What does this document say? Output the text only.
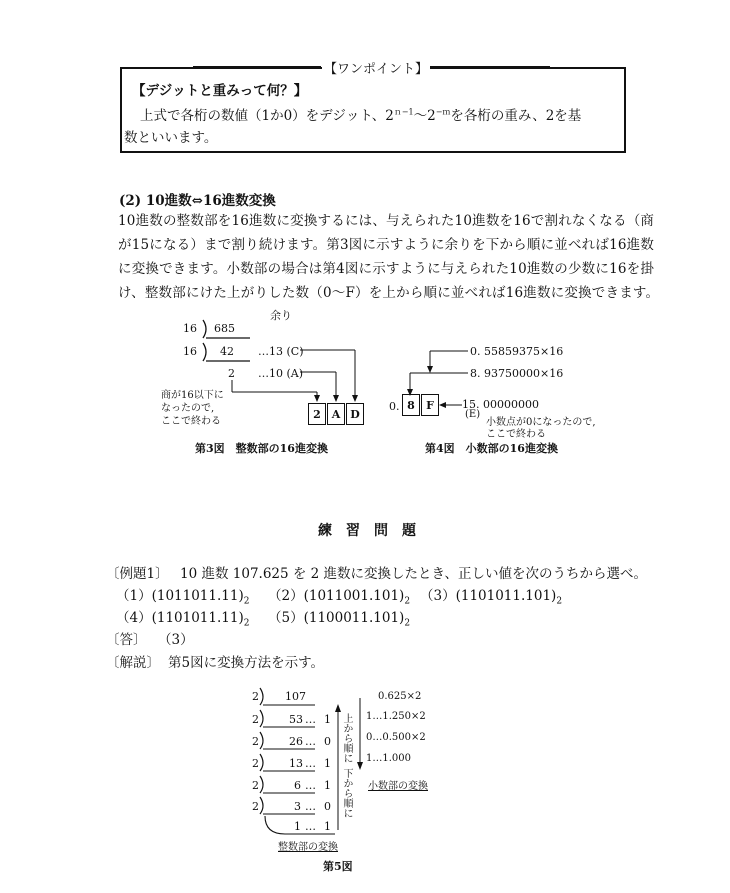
【ワンポイント】
【デジットと重みって何？】
上式で各桁の数値（1か0）をデジット、$2^{n-1}\sim 2^{-m}$を各桁の重み、2を基
数といいます。
(2) 10進数⇔16進数変換
10進数の整数部を16進数に変換するには、与えられた10進数を16で割れなくなる（商
が15になる）まで割り続けます。第3図に示すように余りを下から順に並べれば16進数
に変換できます。小数部の場合は第4図に示すように与えられた10進数の少数に16を掛
け、整数部にけた上がりした数（0～F）を上から順に並べれば16進数に変換できます。
余り
16 685
16 42 …13 (C)
2 …10 (A)
商が16以下に
なったので,
ここで終わる
2 A D
第3図　整数部の16進変換
0. 55859375×16
8. 93750000×16
15. 00000000
0. 8	F
(E)
小数点が0になったので,
ここで終わる
第4図　小数部の16進変換
練　習　問　題
〔例題1〕 10 進数 107.625 を 2 進数に変換したとき、正しい値を次のうちから選べ。
$(1)(1011011.11)_2$ $(2)(1011001.101)_2$ $(3)(1101011.101)_2$
$(4)(1101011.11)_2$ $(5)(1100011.101)_2$
〔答〕 （3）
〔解説〕 第5図に変換方法を示す。
2
2
2
2
2
2
107
53
26
13
6
3
1
…
…
…
…
…
…
1
0
1
1
0
1
上から順に
下から順に
0.625×2
1…1.250×2
0…0.500×2
1…1.000
小数部の変換
整数部の変換
第5図
